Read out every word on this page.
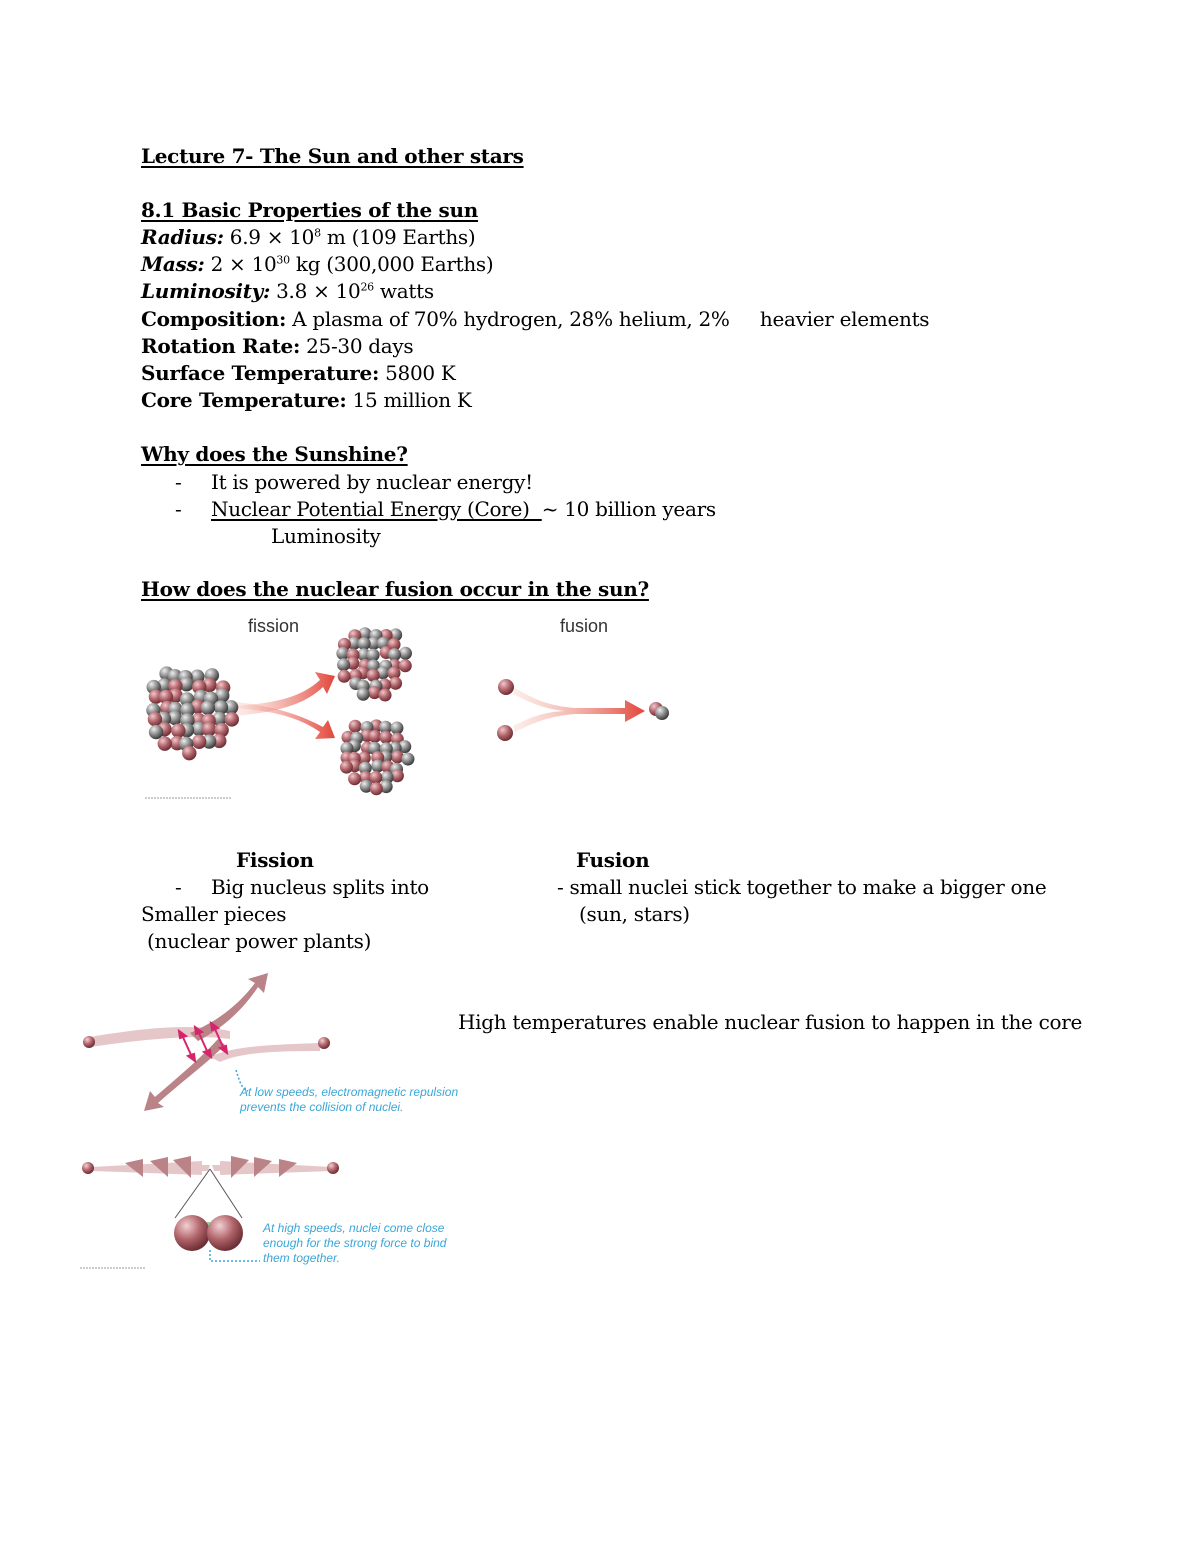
Lecture 7- The Sun and other stars
8.1 Basic Properties of the sun
Radius: $6.9 \times 10^8$ m (109 Earths)
Mass: $2 \times 10^{30}$ kg (300,000 Earths)
Luminosity: $3.8 \times 10^{26}$ watts
Composition: A plasma of 70% hydrogen, 28% helium, 2%     heavier elements
Rotation Rate: 25-30 days
Surface Temperature: 5800 K
Core Temperature: 15 million K
Why does the Sunshine?
- It is powered by nuclear energy!
- Nuclear Potential Energy (Core)  ~ 10 billion years
Luminosity
How does the nuclear fusion occur in the sun?
fission	fusion
Fission
- Big nucleus splits into
Smaller pieces
(nuclear power plants)
Fusion
- small nuclei stick together to make a bigger one
(sun, stars)
At low speeds, electromagnetic repulsion
prevents the collision of nuclei.
At high speeds, nuclei come close
enough for the strong force to bind
them together.
High temperatures enable nuclear fusion to happen in the core
